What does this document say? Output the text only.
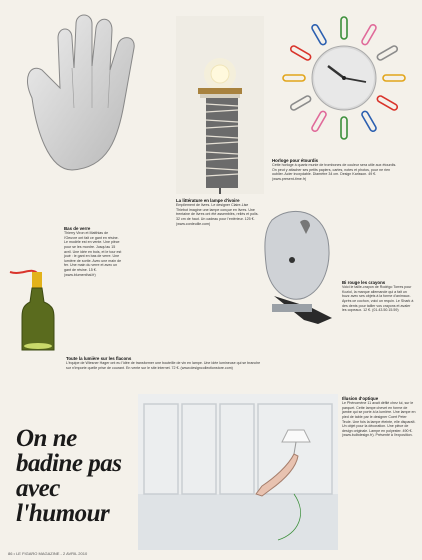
Bas de verre
Thierry Viron et Matthias de l'Oeuvre ont fait ce gant en résine. Le modèle est en vente. Une pièce pour se les mordre. Jusqu'au 15 avril. Une idée en bois, et le tour est joué : le gant en bas de verre. Une lumière de sortie. Avec une main de fer. Une main du verre et avec un gant de résine. 15 €. (www.blumenthal.fr)
La littérature en lampe d'ivoire
Empilement de livres. Le designer Claire-Lise Thiebot imagine une lampe conçue en livres. Une trentaine de livres ont été assemblés, reliés et polis. 32 cm de haut. Un cadeau pour l'extérieur. 125 €. (www.cordeuille.com)
Horloge pour étourdis
Cette horloge à quartz munie de trombones de couleur sera utile aux étourdis. On peut y attacher ses petits papiers, cartes, notes et photos, pour ne rien oublier. Acier inoxydable. Diamètre 34 cm. Design Karlsson. 49 €. (www.present-time.fr)
Bi rouge les crayons
Voici le taille-crayon de Rodrigo Torres pour Koziol, la marque allemande qui a fait un buzz avec ses objets à la forme d'animaux. Après ce cochon, voici un requin. Le Shark à des dents pour tailler vos crayons et avaler les copeaux. 12 €. (01.43.50.15.59)
Toute la lumière sur les flacons
L'équipe de Wiesner Hager ont eu l'idée de transformer une bouteille de vin en lampe. Une idée lumineuse qui se branche sur n'importe quelle prise de courant. En vente sur le site internet. 72 €. (www.designcollectionstore.com)
On ne badine pas avec l'humour
Illusion d'optique
Le Phénomène 11 avait défilé chez lui, sur le parquet. Cette lampe chevet en forme de jambe qui se porte à la lumière. Une lampe en pied de table par le designer Coert Peter Teule. Une fois la lampe éteinte, elle disparaît. Un objet pour la décoration. Une pièce de design originale. Lampe en polyester. 490 €. (www.bulbdesign.fr). Présenté à l'exposition.
86 • LE FIGARO MAGAZINE - 2 AVRIL 2010
